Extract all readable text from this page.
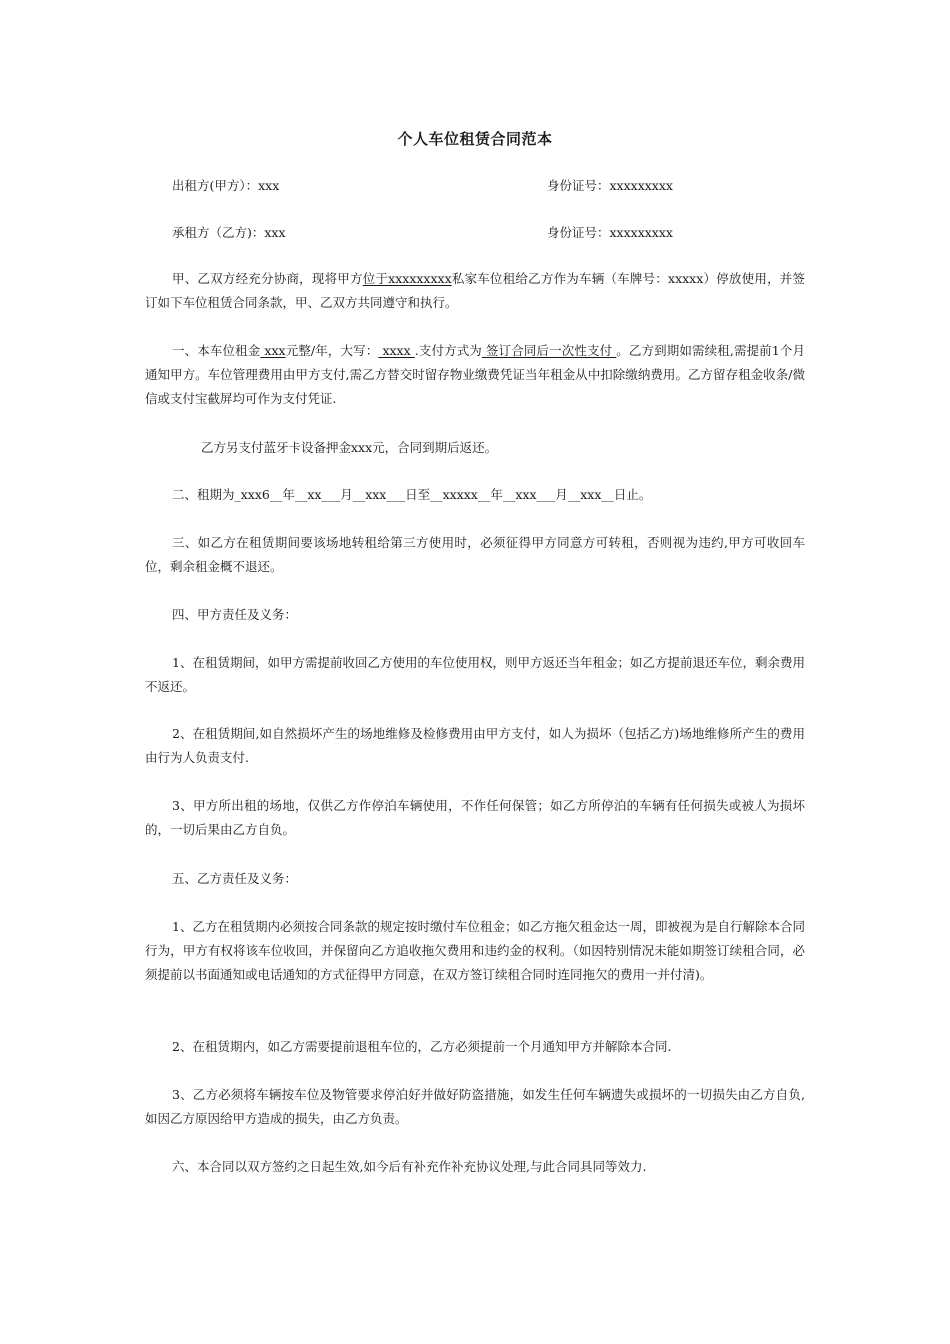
个人车位租赁合同范本
出租方(甲方）：xxx	身份证号：xxxxxxxxx
承租方（乙方)：xxx	身份证号：xxxxxxxxx
甲、乙双方经充分协商，现将甲方位于xxxxxxxxx私家车位租给乙方作为车辆（车牌号：xxxxx）停放使用，并签订如下车位租赁合同条款，甲、乙双方共同遵守和执行。
一、本车位租金 xxx元整/年，大写： xxxx .支付方式为 签订合同后一次性支付 。乙方到期如需续租,需提前1个月通知甲方。车位管理费用由甲方支付,需乙方替交时留存物业缴费凭证当年租金从中扣除缴纳费用。乙方留存租金收条/微信或支付宝截屏均可作为支付凭证.
乙方另支付蓝牙卡设备押金xxx元，合同到期后返还。
二、租期为_xxx6__年__xx___月__xxx___日至__xxxxx__年__xxx___月__xxx__日止。
三、如乙方在租赁期间要该场地转租给第三方使用时，必须征得甲方同意方可转租，否则视为违约,甲方可收回车位，剩余租金概不退还。
四、甲方责任及义务：
1、在租赁期间，如甲方需提前收回乙方使用的车位使用权，则甲方返还当年租金；如乙方提前退还车位，剩余费用不返还。
2、在租赁期间,如自然损坏产生的场地维修及检修费用由甲方支付，如人为损坏（包括乙方)场地维修所产生的费用由行为人负责支付.
3、甲方所出租的场地，仅供乙方作停泊车辆使用，不作任何保管；如乙方所停泊的车辆有任何损失或被人为损坏的，一切后果由乙方自负。
五、乙方责任及义务：
1、乙方在租赁期内必须按合同条款的规定按时缴付车位租金；如乙方拖欠租金达一周，即被视为是自行解除本合同行为，甲方有权将该车位收回，并保留向乙方追收拖欠费用和违约金的权利。（如因特别情况未能如期签订续租合同，必须提前以书面通知或电话通知的方式征得甲方同意，在双方签订续租合同时连同拖欠的费用一并付清)。
2、在租赁期内，如乙方需要提前退租车位的，乙方必须提前一个月通知甲方并解除本合同.
3、乙方必须将车辆按车位及物管要求停泊好并做好防盗措施，如发生任何车辆遗失或损坏的一切损失由乙方自负,如因乙方原因给甲方造成的损失，由乙方负责。
六、本合同以双方签约之日起生效,如今后有补充作补充协议处理,与此合同具同等效力.
